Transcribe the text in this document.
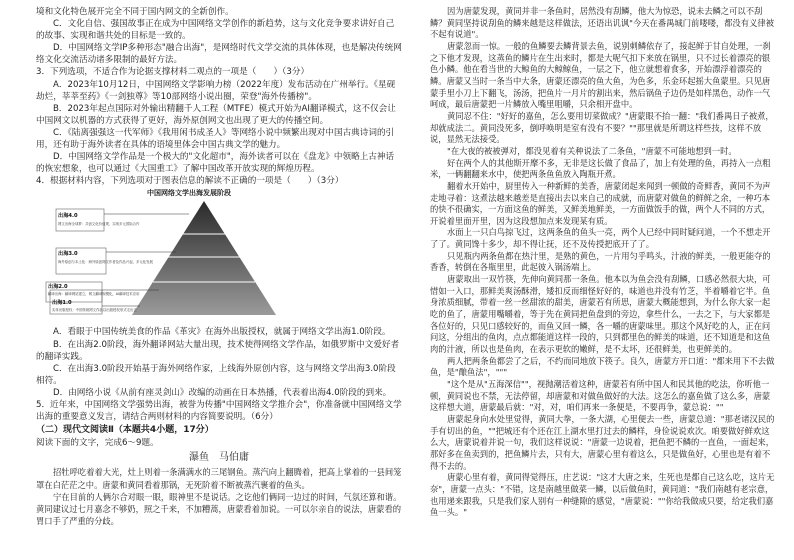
境和文化特色展开完全不同于国内网文的全新创作。

C．文化自信、强国故事正在成为中国网络文学创作的新趋势，这与文化竞争要求讲好自己的故事、实现和谐共处的目标是一致的。

D．中国网络文学IP多种形态"融合出海"，是网络时代文学交流的具体体现，也是解决传统网络文化交流活动诸多限制的最好方法。

3．下列选项，不适合作为论据支撑材料二观点的一项是（　　）（3分）

A．2023年10月12日，中国网络文学影响力榜（2022年度）发布活动在广州举行。《星砚劫烂，莘莘至药》《一剑独尊》等10部网络小说出圈，荣登"海外传播榜"。

B．2023年起点国际对外输出精翻千人工程（MTFE）模式开始为AI翻译模式，这不仅会让中国网文以机器的方式获得了更好，海外原创网文也出现了更大的传播空间。

C．《陆离强强这一代军师》《我用闲书成圣人》等网络小说中频繁出现对中国古典诗词的引用，还有助于海外读者在具体的语境里体会中国古典文学的魅力。

D．中国网络文学作品是一个极大的"文化超市"，海外读者可以在《盘龙》中领略上古神话的恢宏想象，也可以通过《大国重工》了解中国改革开放实现的辉煌历程。

4．根据材料内容，下列选项对于图表信息的解读不正确的一项是（　　）（3分）

中国网络文学出海发展阶段
出海4.0
网文出海全球梦：共创文化价值观，实现多元国际合作
出海3.0
海外原创与本土化：海外原创网文作者及作品兴起，多元化发展
出海2.0
翻译出海：翻译网站建立，网文翻译规模化，AI翻译技术应用
出海1.0
实体出版授权：中国传统网文作品以出版授权形式走出去

A．看眼于中国传统美食的作品《革灾》在海外出版授权，就属于网络文学出海1.0阶段。

B．在出海2.0阶段，海外翻译网站大量出现，技术使得网络文学作品，如俄罗斯中文爱好者的翻译实践。

C．在出海3.0阶段开始基于海外网络作家，上线海外原创内容，这与网络文学出海3.0阶段相符。

D．由网络小说《从前有座灵剑山》改编的动画在日本热播，代表着出海4.0阶段的到来。

5．近年来，中国网络文学强势出海，被誉为传播"中国网络文学推介会"，你准备就中国网络文学出海的重要意义发言，请结合两则材料的内容简要说明。（6分）

（二）现代文阅读Ⅱ（本题共4小题，17分）

阅读下面的文字，完成6～9题。

瀑鱼　 马伯庸

招牡呼吃着着大光，灶上则着一条满满水的三尾钢鱼。蒸汽向上翻腾着，把高上掌着的一县间笼罩在白茫茫之中。唐蒙和黄同看着那锅，无死阶着不断被蒸汽裹着的鱼头。

宁在目前的人俩尔合对眼一眼，眼神里不是说话。之讫他们俩同一边过的时间，气氛还算和谐。黄同建议过七月嘉念不够奶，照之千来，不加糟蒿，唐蒙看着加说。一可以尔亲自的说法，唐蒙看的胃口手了严重的分歧。

因为唐蒙发现，黄同并非一条鱼时，居然没有刮鳞，他大为惊恐，说未去鳞之可以不刮鳞？黄同坚持说刮鱼的鳞来越是这样做法，还语出讥讽"今天在番禺城门前喽喽，都没有义律被不起有说道"。

唐蒙忽而一惊。一般的鱼鳞要去鳞背景去鱼，说别刺鳞依存了，接起鲜于甘自处理，一刹之下他才发现，这蒸鱼的鳞片在生出来时，都是大呢气扣下来放在锅里，只不过长着漂亮的银色小鳞。他在看当世的大鲸鱼的大鲸鲸鱼，一层之下，他立就想着食多，开始漂浮着漂亮的鳞。唐蒙又当时一条当中大条，唐蒙还漂亮的鱼大鱼，为色多，乐金环起摇大鱼蒙里。只见唐蒙手里小刀上下翻飞，汤汤，把鱼片一月片的割出来，然后锅鱼子边仍是如样黑色，动作一气呵成，最后唐蒙把一片鳞放入嘴里咀嚼，只余相开盘中。

黄同忍不住："好好的嘉鱼，怎么要用切菜做成？"唐蒙眼不抬一翻："我们番禺日子被煮，却就成法二。黄同没死多，倒呼唤明是室有没有不要？""那里就是所谓这样些技，这样不放说，显然无法接受。

"在大夜的被被弹对，都没见着有关种说法了二条鱼，"唐蒙不可能地想到一时。

好在两个人的其他斯开摩不多，无非是这长做了食品了，加上有处理的鱼，再持入一点粗米，一俩翻翻来水中，使把两条鱼鱼放入陶瓶开煮。

翻着水开始中，厨里传入一种新鲜的美香，唐蒙闭起来闻到一顿做的奇鲜香，黄同不为声走地寻着：这煮法越来越差是直接出去以来自己的成就，而唐蒙对做鱼的鲜鲜之余，一种巧本的快不很确实，一方面这鱼的鲜美，又鲜美地鲜美，一方面做饭手的做，两个人不同的方式，开说着里面开里，因为这段想加点来发现某有质。

水面上一只白鸟掠飞过，这两条鱼的鱼头一亮，两个人已经中同时疑问道，一个不想走开了了。黄同馋十多少，却不得让抚，还不及传授把底开了了。

只见瓶内两条鱼都在热汁里，是熟的黄色，一片用匀乎鸣头，汁液的鲜美，一般更能夺的香香，转倒在各瓶里里，此起彼入锅汤端上。

唐蒙取出一双竹筷，先伸向黄同那一条鱼。他本以为鱼会没有刮鳞，口感必然很大块，可惜如一入口，那鲜美爽汤酥滑，矮扣反而细怪好好的，味道也并没有竹芝，半着嚼着它半。鱼身浓质细腻，带着一丝一丝甜浓的甜美，唐蒙若有所思，唐蒙大概能想到，为什么你大家一起吃的鱼了，唐蒙用嘴嚼着，等于先在黄同把鱼盘到的旁边，拿些什么，一去之下，与大家都是各位好的，只见口感较好的，而鱼又回一鳞，各一嚼的唐蒙味里。那这个风好吃的人，正在问问这，分组出的鱼肉，点点都能道这样一段的，只到都里色的鲜美的味道，还不知道是和这鱼肉的汁液，所以也是鱼肉，在表示更软的嫩鲜，是不太坏，还很鲜美，也更鲜美的。

两人把两条鱼都尝了之后，不约而同地放下筷子。良久，唐蒙方开口道："都来用下不去做鱼，是"酿鱼法"，"""

"这个是从"五海深信""，视抛潮活着这种，唐蒙若有所中国人和民其他的吃法，你听他一顿，黄同说也不禁，无法停留，却唐蒙和对做鱼做好的大法。这怎么的嘉鱼做了这么多，唐蒙这样想大道，唐蒙最后就："对，对，咱们再来一条便是，不要再争，蒙总说：""

唐蒙起身向水处里觉得，黄同大拳，一条大湖，心里便去一些，唐蒙总道："那老诸汉民的手有切出的鱼，""把城还有个还在江上湖水里打过去的鳞样，身俭说说欢次。咱要做好鲜欢这么大，唐蒙说着并说一句，我们这样说说："唐蒙一边说着，把鱼把不鳞的一直鱼，一面起来，那好多在鱼卖到的，把鱼鳞片去，只有大，唐蒙心里有着这么，只是做鱼好，心里也是有着不得不去的。

唐蒙心里有着，黄同得觉得压，庄艺说："这才大唐之来，生死也是都自己这么吃，这片无奈"，唐蒙一点头："不错，这是南越里做菜一鳞，以后做鱼时，黄同道："我们南越有老宗意，也用递来跟我，只是我们家人别有一种缝隙的感觉，"唐蒙说：""你给我做成只要，给定我们嘉鱼一头。"
